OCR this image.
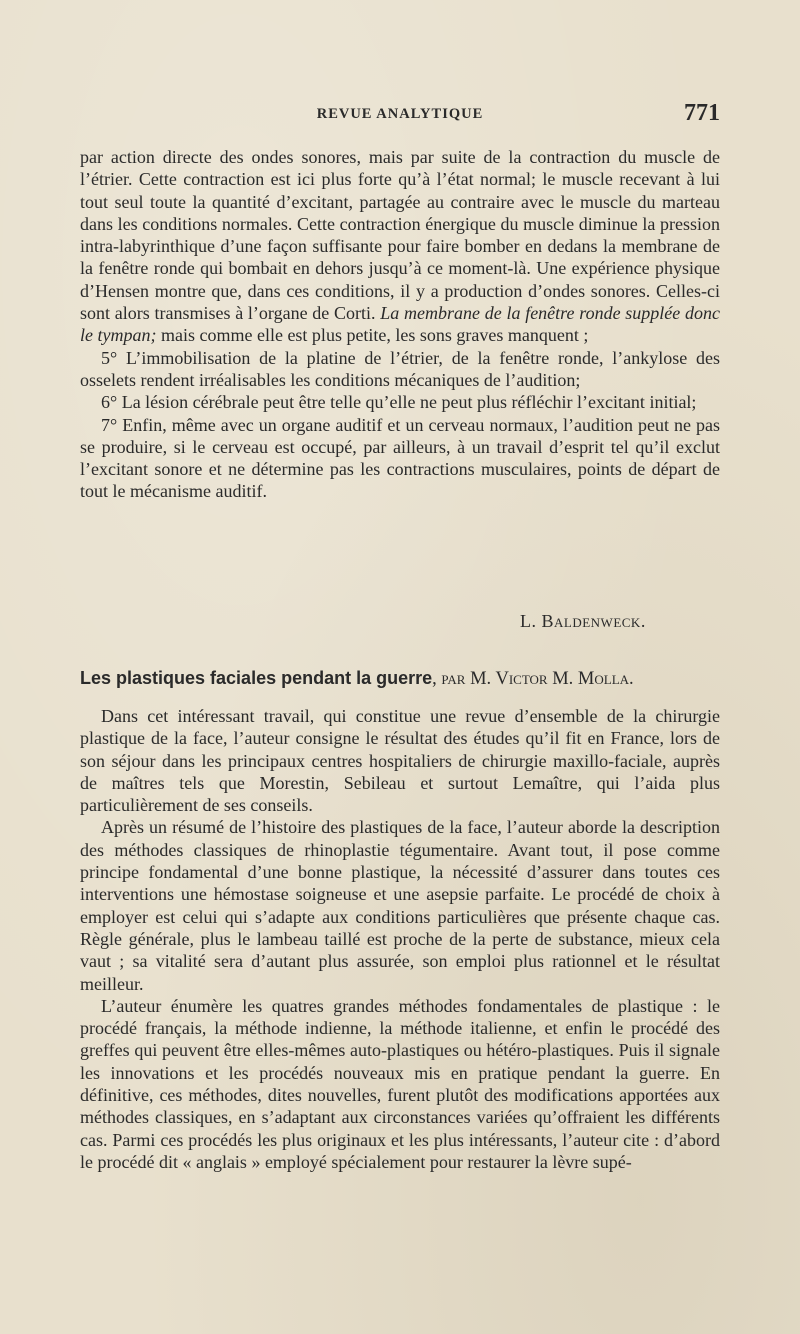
REVUE ANALYTIQUE	771

par action directe des ondes sonores, mais par suite de la contraction du muscle de l’étrier. Cette contraction est ici plus forte qu’à l’état normal; le muscle recevant à lui tout seul toute la quantité d’excitant, partagée au contraire avec le muscle du marteau dans les conditions normales. Cette contraction énergique du muscle diminue la pression intra-labyrinthique d’une façon suffisante pour faire bomber en dedans la membrane de la fenêtre ronde qui bombait en dehors jusqu’à ce moment-là. Une expérience physique d’Hensen montre que, dans ces conditions, il y a production d’ondes sonores. Celles-ci sont alors transmises à l’organe de Corti. La membrane de la fenêtre ronde supplée donc le tympan; mais comme elle est plus petite, les sons graves manquent ;

5° L’immobilisation de la platine de l’étrier, de la fenêtre ronde, l’ankylose des osselets rendent irréalisables les conditions mécaniques de l’audition;

6° La lésion cérébrale peut être telle qu’elle ne peut plus réfléchir l’excitant initial;

7° Enfin, même avec un organe auditif et un cerveau normaux, l’audition peut ne pas se produire, si le cerveau est occupé, par ailleurs, à un travail d’esprit tel qu’il exclut l’excitant sonore et ne détermine pas les contractions musculaires, points de départ de tout le mécanisme auditif.

L. Baldenweck.
Les plastiques faciales pendant la guerre, par M. Victor M. Molla.

Dans cet intéressant travail, qui constitue une revue d’ensemble de la chirurgie plastique de la face, l’auteur consigne le résultat des études qu’il fit en France, lors de son séjour dans les principaux centres hospitaliers de chirurgie maxillo-faciale, auprès de maîtres tels que Morestin, Sebileau et surtout Lemaître, qui l’aida plus particulièrement de ses conseils.

Après un résumé de l’histoire des plastiques de la face, l’auteur aborde la description des méthodes classiques de rhinoplastie tégumentaire. Avant tout, il pose comme principe fondamental d’une bonne plastique, la nécessité d’assurer dans toutes ces interventions une hémostase soigneuse et une asepsie parfaite. Le procédé de choix à employer est celui qui s’adapte aux conditions particulières que présente chaque cas. Règle générale, plus le lambeau taillé est proche de la perte de substance, mieux cela vaut ; sa vitalité sera d’autant plus assurée, son emploi plus rationnel et le résultat meilleur.

L’auteur énumère les quatres grandes méthodes fondamentales de plastique : le procédé français, la méthode indienne, la méthode italienne, et enfin le procédé des greffes qui peuvent être elles-mêmes auto-plastiques ou hétéro-plastiques. Puis il signale les innovations et les procédés nouveaux mis en pratique pendant la guerre. En définitive, ces méthodes, dites nouvelles, furent plutôt des modifications apportées aux méthodes classiques, en s’adaptant aux circonstances variées qu’offraient les différents cas. Parmi ces procédés les plus originaux et les plus intéressants, l’auteur cite : d’abord le procédé dit « anglais » employé spécialement pour restaurer la lèvre supé-
